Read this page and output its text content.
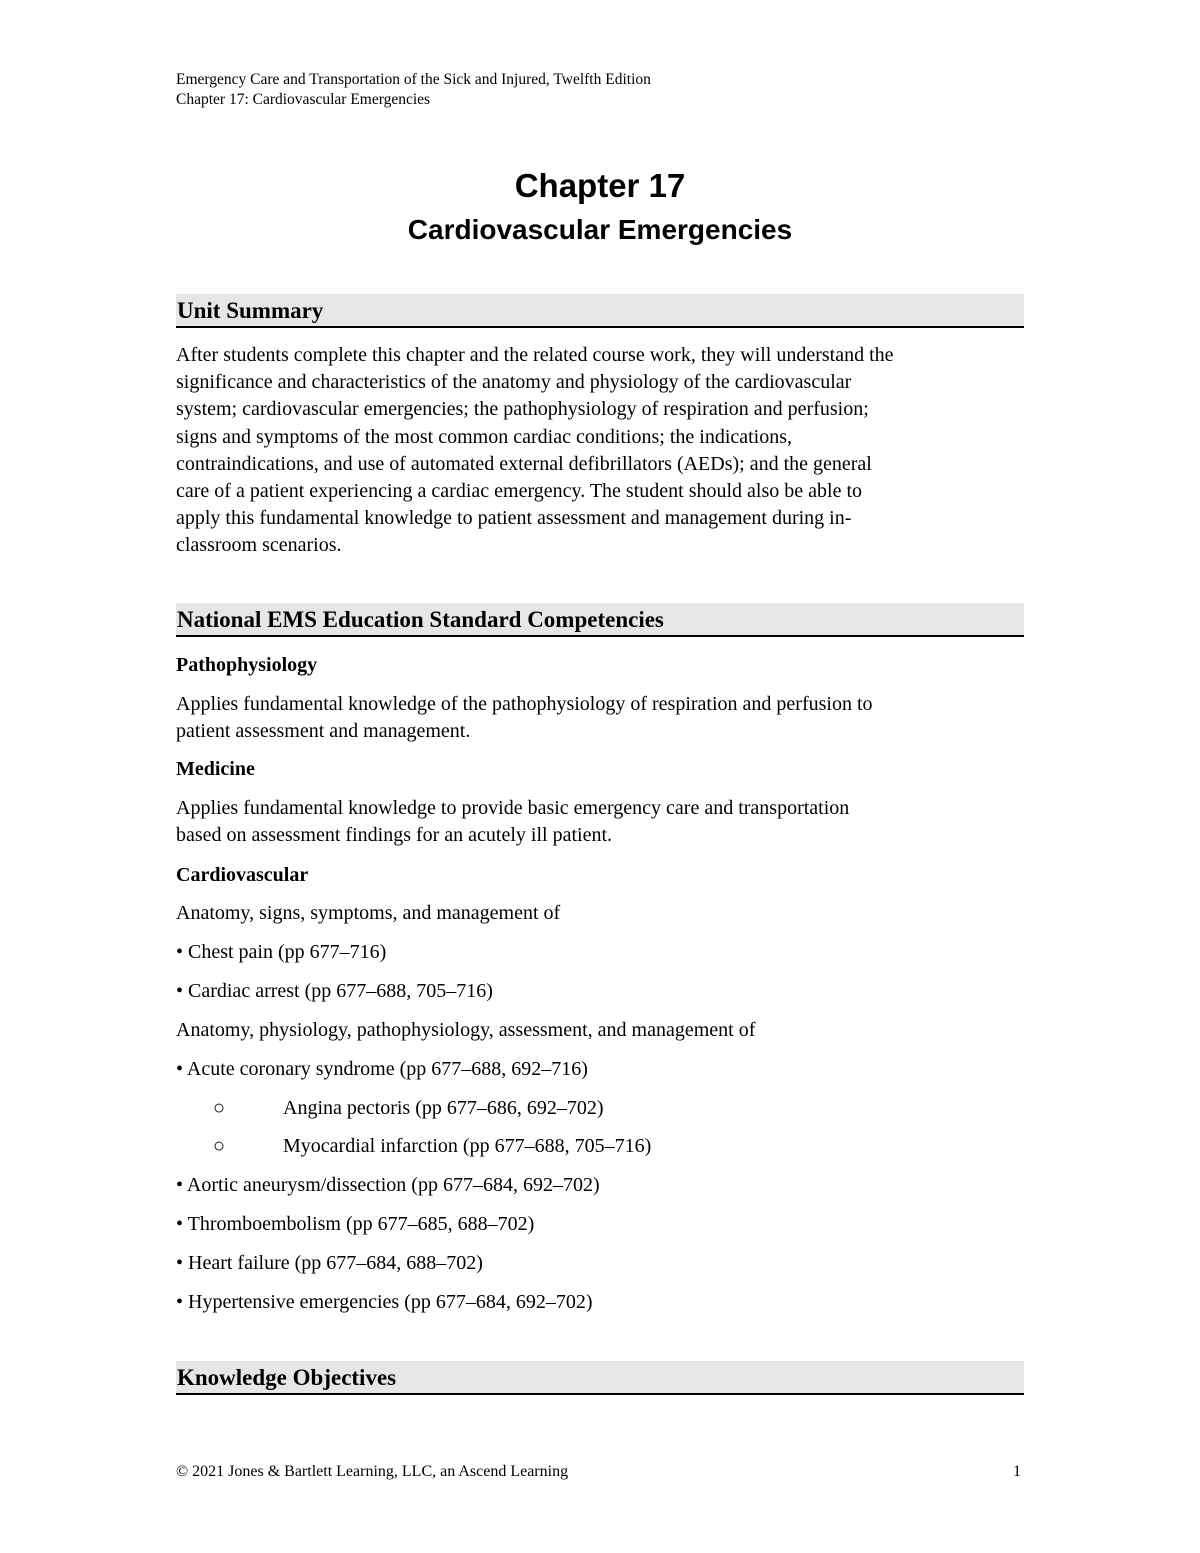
Emergency Care and Transportation of the Sick and Injured, Twelfth Edition
Chapter 17: Cardiovascular Emergencies
Chapter 17
Cardiovascular Emergencies
Unit Summary
After students complete this chapter and the related course work, they will understand the
significance and characteristics of the anatomy and physiology of the cardiovascular
system; cardiovascular emergencies; the pathophysiology of respiration and perfusion;
signs and symptoms of the most common cardiac conditions; the indications,
contraindications, and use of automated external defibrillators (AEDs); and the general
care of a patient experiencing a cardiac emergency. The student should also be able to
apply this fundamental knowledge to patient assessment and management during in-
classroom scenarios.
National EMS Education Standard Competencies
Pathophysiology
Applies fundamental knowledge of the pathophysiology of respiration and perfusion to
patient assessment and management.
Medicine
Applies fundamental knowledge to provide basic emergency care and transportation
based on assessment findings for an acutely ill patient.
Cardiovascular
Anatomy, signs, symptoms, and management of
• Chest pain (pp 677–716)
• Cardiac arrest (pp 677–688, 705–716)
Anatomy, physiology, pathophysiology, assessment, and management of
• Acute coronary syndrome (pp 677–688, 692–716)
○	Angina pectoris (pp 677–686, 692–702)
○	Myocardial infarction (pp 677–688, 705–716)
• Aortic aneurysm/dissection (pp 677–684, 692–702)
• Thromboembolism (pp 677–685, 688–702)
• Heart failure (pp 677–684, 688–702)
• Hypertensive emergencies (pp 677–684, 692–702)
Knowledge Objectives
© 2021 Jones & Bartlett Learning, LLC, an Ascend Learning	1
